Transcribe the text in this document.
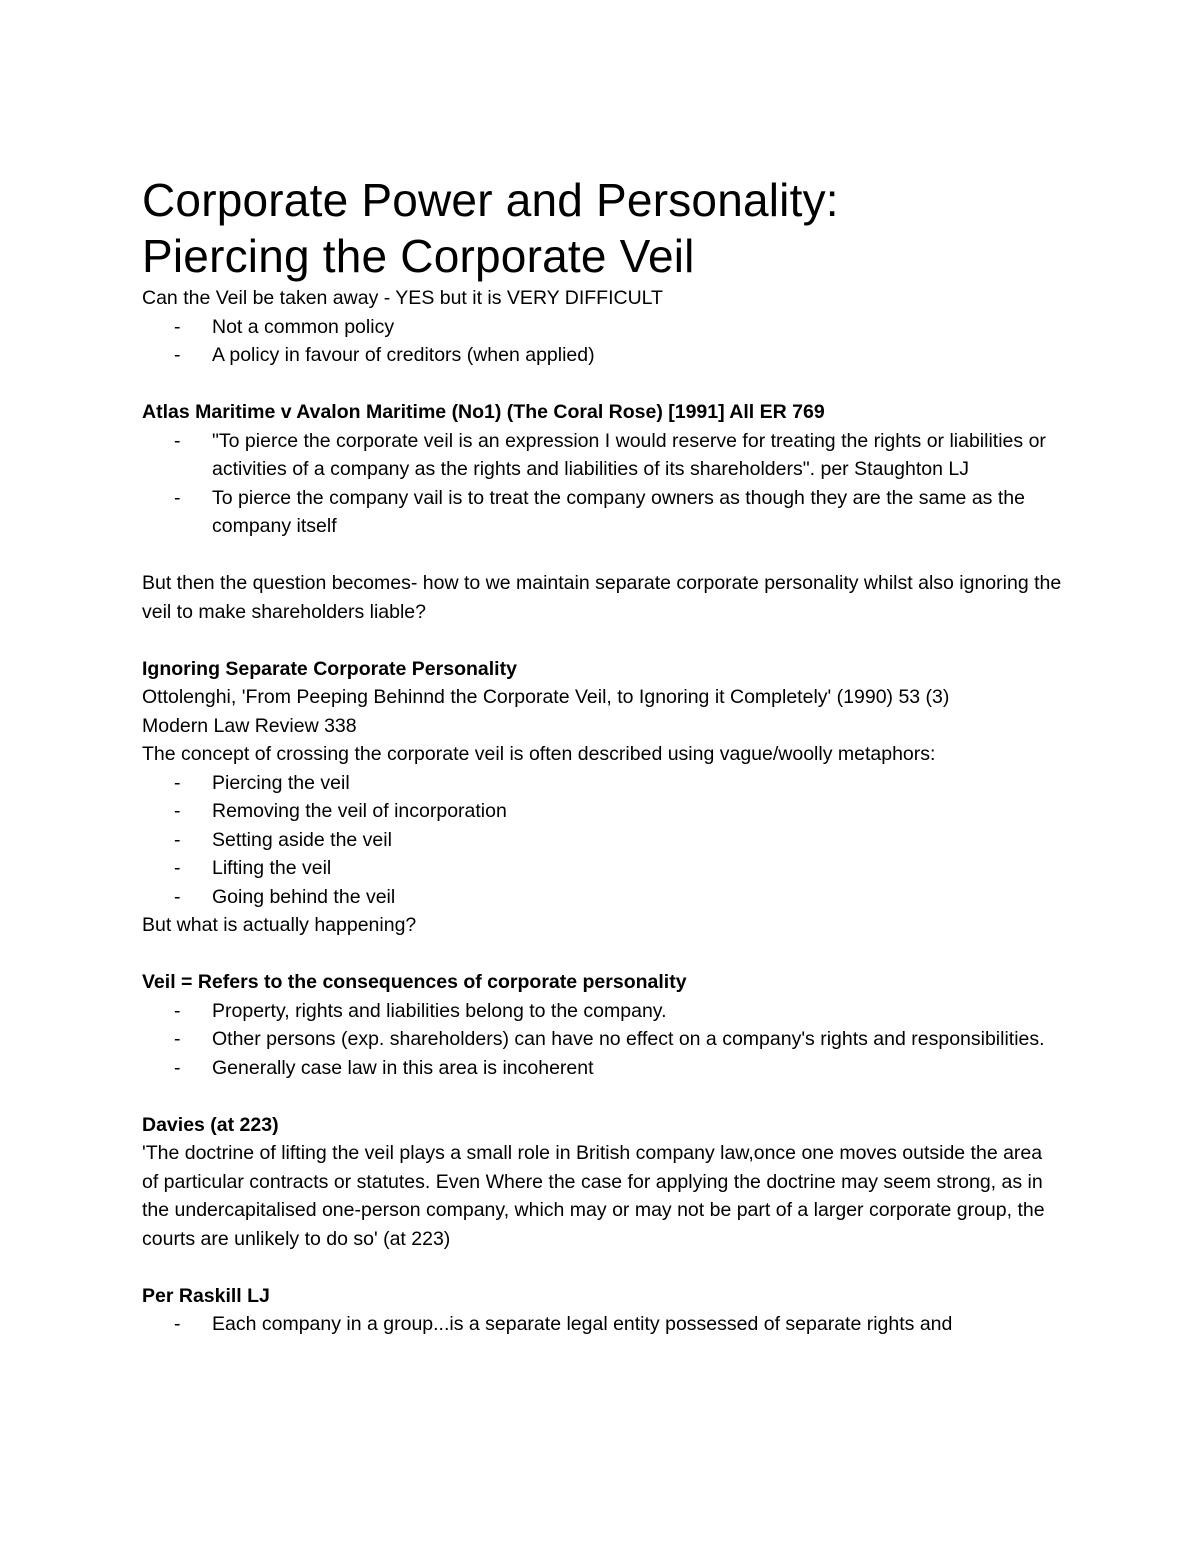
Corporate Power and Personality:
Piercing the Corporate Veil

Can the Veil be taken away - YES but it is VERY DIFFICULT

- Not a common policy
- A policy in favour of creditors (when applied)

Atlas Maritime v Avalon Maritime (No1) (The Coral Rose) [1991] All ER 769

- "To pierce the corporate veil is an expression I would reserve for treating the rights or liabilities or activities of a company as the rights and liabilities of its shareholders". per Staughton LJ
- To pierce the company vail is to treat the company owners as though they are the same as the company itself

But then the question becomes- how to we maintain separate corporate personality whilst also ignoring the veil to make shareholders liable?

Ignoring Separate Corporate Personality

Ottolenghi, 'From Peeping Behinnd the Corporate Veil, to Ignoring it Completely' (1990) 53 (3)

Modern Law Review 338

The concept of crossing the corporate veil is often described using vague/woolly metaphors:

- Piercing the veil
- Removing the veil of incorporation
- Setting aside the veil
- Lifting the veil
- Going behind the veil

But what is actually happening?

Veil = Refers to the consequences of corporate personality

- Property, rights and liabilities belong to the company.
- Other persons (exp. shareholders) can have no effect on a company's rights and responsibilities.
- Generally case law in this area is incoherent

Davies (at 223)

'The doctrine of lifting the veil plays a small role in British company law,once one moves outside the area of particular contracts or statutes. Even Where the case for applying the doctrine may seem strong, as in the undercapitalised one-person company, which may or may not be part of a larger corporate group, the courts are unlikely to do so' (at 223)

Per Raskill LJ

- Each company in a group...is a separate legal entity possessed of separate rights and
